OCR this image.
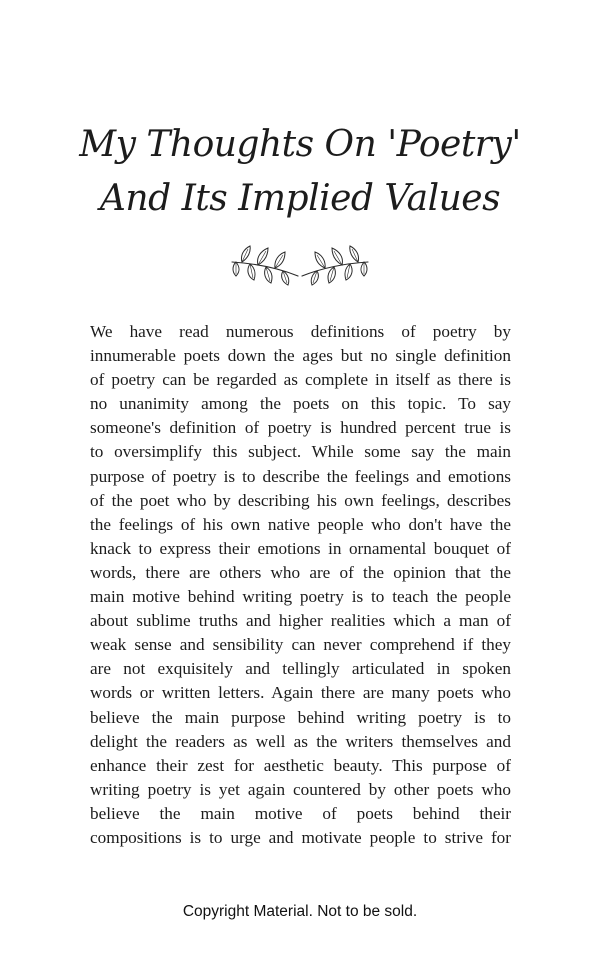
My Thoughts On 'Poetry'
And Its Implied Values
We have read numerous definitions of poetry by
innumerable poets down the ages but no single definition
of poetry can be regarded as complete in itself as there is
no unanimity among the poets on this topic. To say
someone's definition of poetry is hundred percent true is
to oversimplify this subject. While some say the main
purpose of poetry is to describe the feelings and emotions
of the poet who by describing his own feelings, describes
the feelings of his own native people who don't have the
knack to express their emotions in ornamental bouquet of
words, there are others who are of the opinion that the
main motive behind writing poetry is to teach the people
about sublime truths and higher realities which a man of
weak sense and sensibility can never comprehend if they
are not exquisitely and tellingly articulated in spoken
words or written letters. Again there are many poets who
believe the main purpose behind writing poetry is to
delight the readers as well as the writers themselves and
enhance their zest for aesthetic beauty. This purpose of
writing poetry is yet again countered by other poets who
believe the main motive of poets behind their
compositions is to urge and motivate people to strive for
Copyright Material. Not to be sold.
